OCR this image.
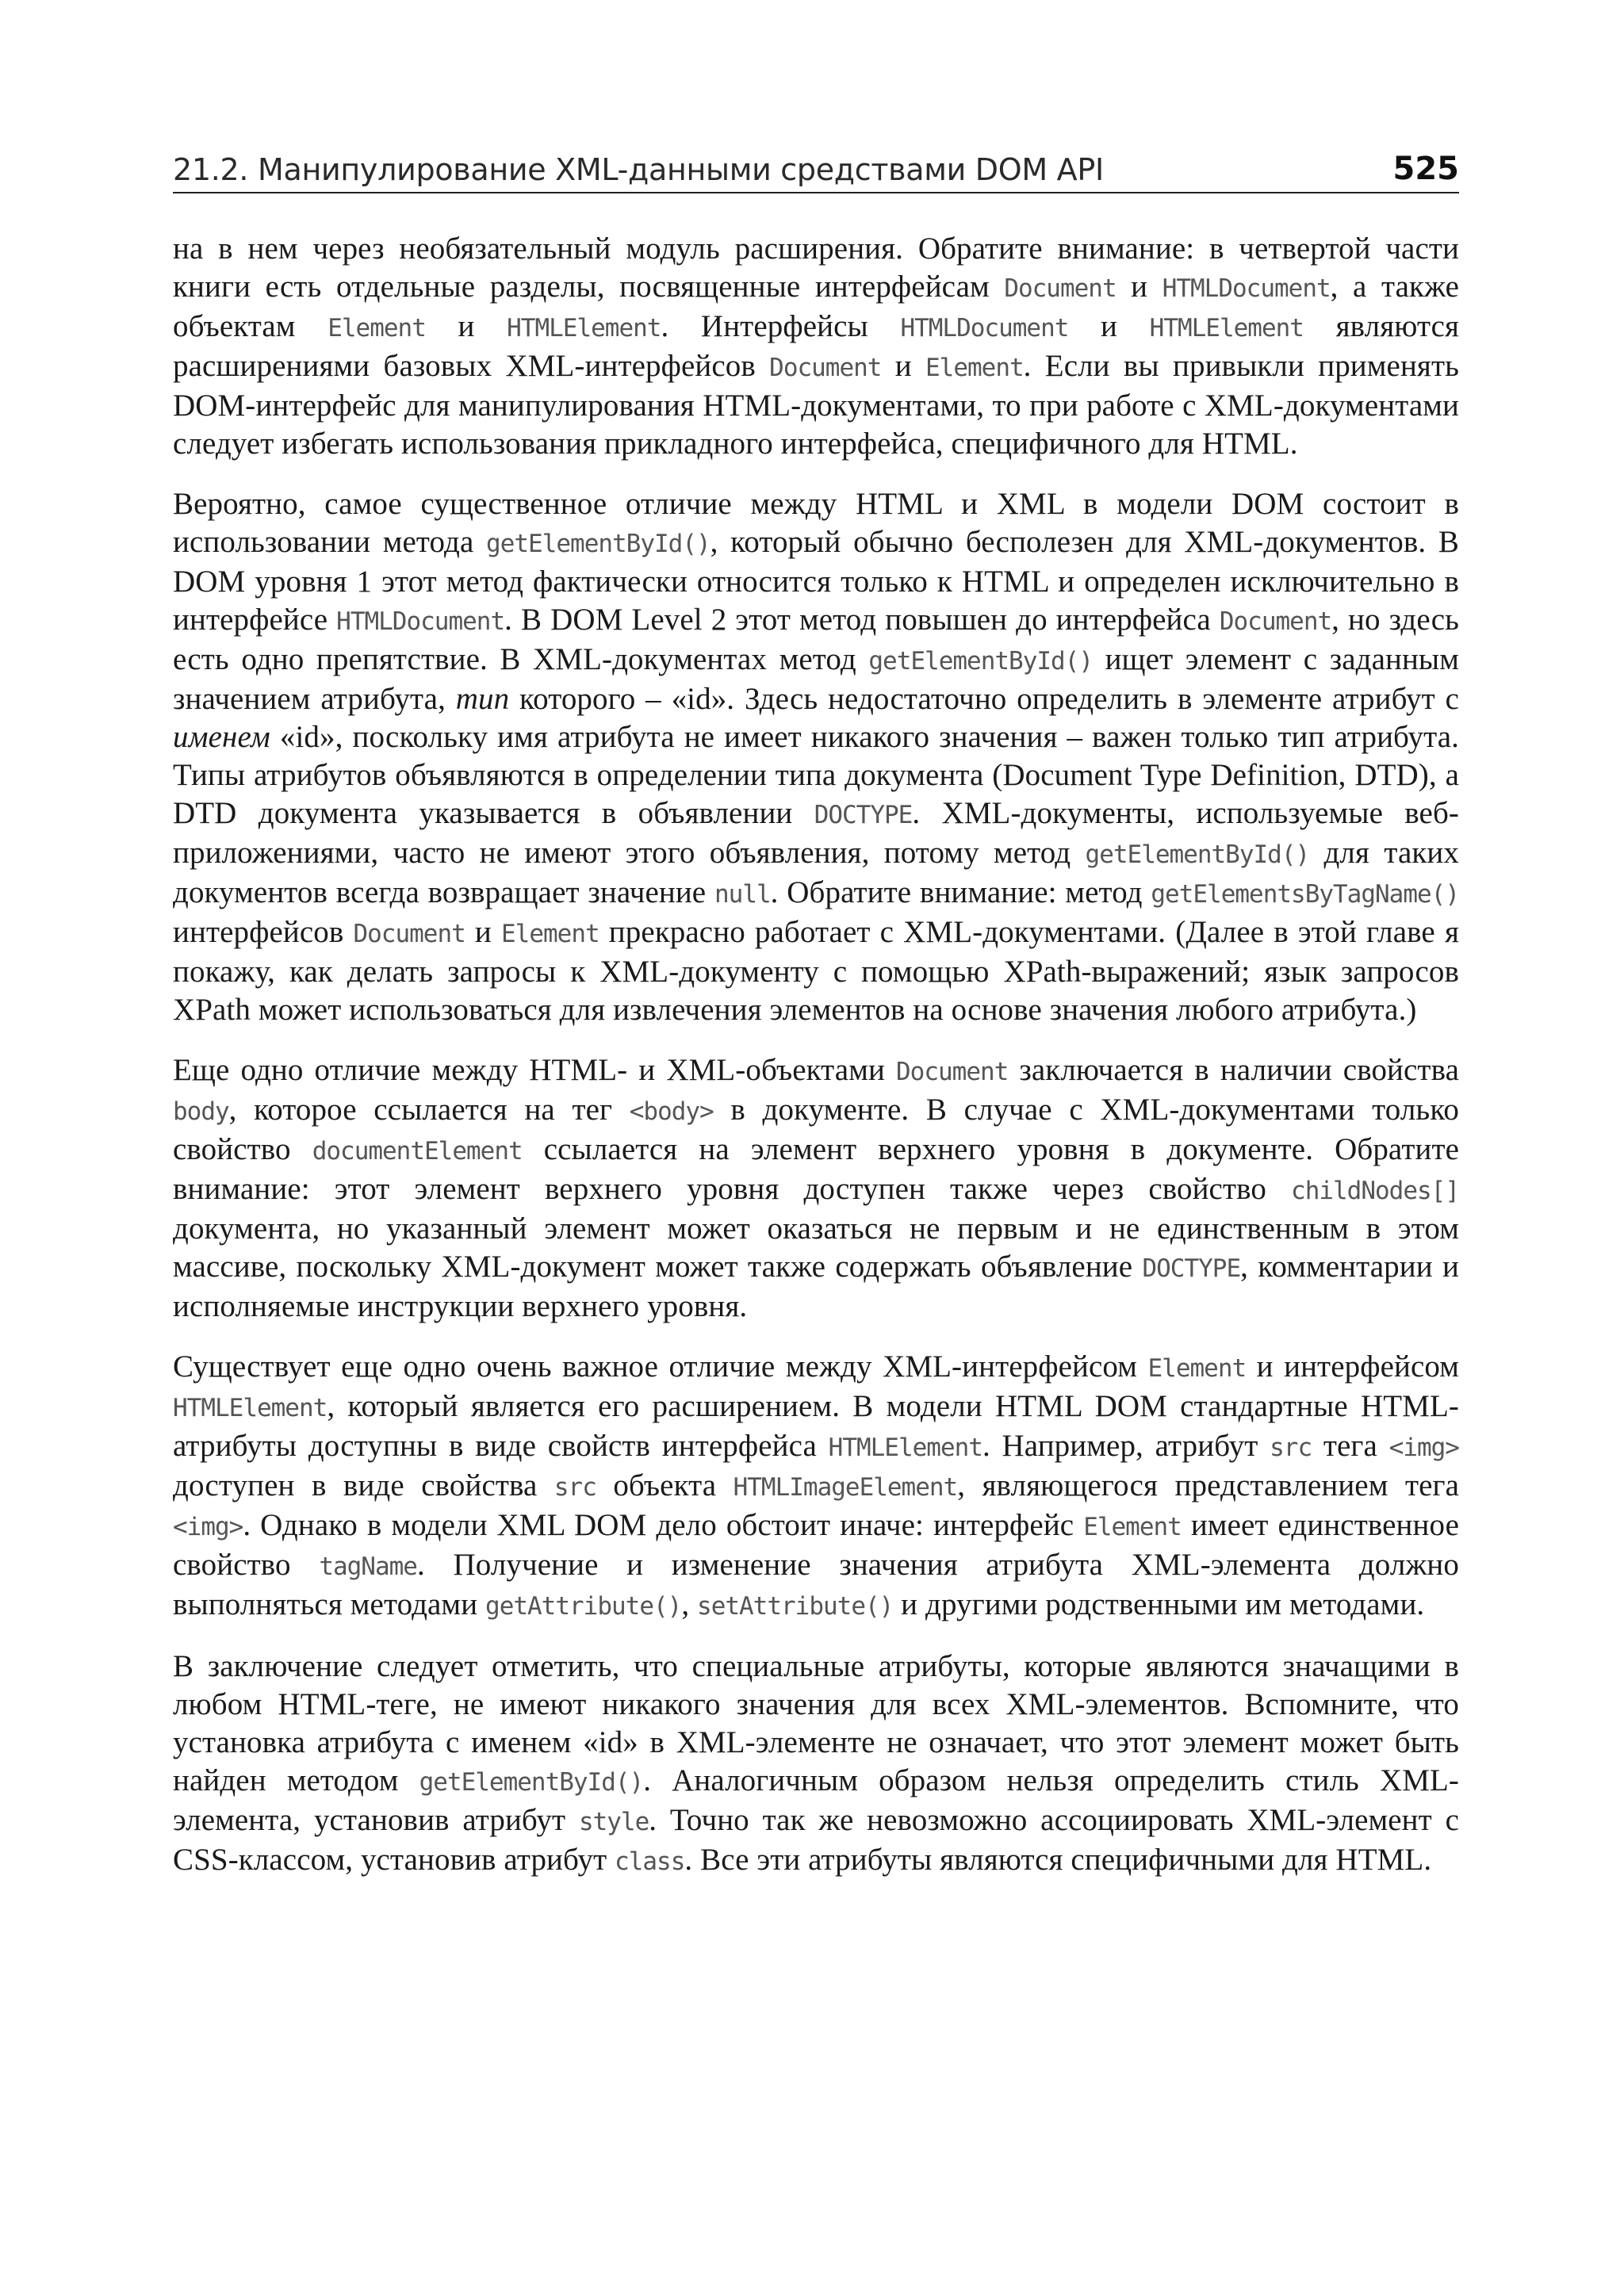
21.2. Манипулирование XML-данными средствами DOM API	525

на в нем через необязательный модуль расширения. Обратите внимание: в четвертой части книги есть отдельные разделы, посвященные интерфейсам Document и HTMLDocument, а также объектам Element и HTMLElement. Интерфейсы HTMLDocument и HTMLElement являются расширениями базовых XML-интерфейсов Document и Element. Если вы привыкли применять DOM-интерфейс для манипулирования HTML-документами, то при работе с XML-документами следует избегать использования прикладного интерфейса, специфичного для HTML.

Вероятно, самое существенное отличие между HTML и XML в модели DOM состоит в использовании метода getElementById(), который обычно бесполезен для XML-документов. В DOM уровня 1 этот метод фактически относится только к HTML и определен исключительно в интерфейсе HTMLDocument. В DOM Level 2 этот метод повышен до интерфейса Document, но здесь есть одно препятствие. В XML-документах метод getElementById() ищет элемент с заданным значением атрибута, тип которого – «id». Здесь недостаточно определить в элементе атрибут с именем «id», поскольку имя атрибута не имеет никакого значения – важен только тип атрибута. Типы атрибутов объявляются в определении типа документа (Document Type Definition, DTD), а DTD документа указывается в объявлении DOCTYPE. XML-документы, используемые веб-приложениями, часто не имеют этого объявления, потому метод getElementById() для таких документов всегда возвращает значение null. Обратите внимание: метод getElementsByTagName() интерфейсов Document и Element прекрасно работает с XML-документами. (Далее в этой главе я покажу, как делать запросы к XML-документу с помощью XPath-выражений; язык запросов XPath может использоваться для извлечения элементов на основе значения любого атрибута.)

Еще одно отличие между HTML- и XML-объектами Document заключается в наличии свойства body, которое ссылается на тег <body> в документе. В случае с XML-документами только свойство documentElement ссылается на элемент верхнего уровня в документе. Обратите внимание: этот элемент верхнего уровня доступен также через свойство childNodes[] документа, но указанный элемент может оказаться не первым и не единственным в этом массиве, поскольку XML-документ может также содержать объявление DOCTYPE, комментарии и исполняемые инструкции верхнего уровня.

Существует еще одно очень важное отличие между XML-интерфейсом Element и интерфейсом HTMLElement, который является его расширением. В модели HTML DOM стандартные HTML-атрибуты доступны в виде свойств интерфейса HTMLElement. Например, атрибут src тега <img> доступен в виде свойства src объекта HTMLImageElement, являющегося представлением тега <img>. Однако в модели XML DOM дело обстоит иначе: интерфейс Element имеет единственное свойство tagName. Получение и изменение значения атрибута XML-элемента должно выполняться методами getAttribute(), setAttribute() и другими родственными им методами.

В заключение следует отметить, что специальные атрибуты, которые являются значащими в любом HTML-теге, не имеют никакого значения для всех XML-элементов. Вспомните, что установка атрибута с именем «id» в XML-элементе не означает, что этот элемент может быть найден методом getElementById(). Аналогичным образом нельзя определить стиль XML-элемента, установив атрибут style. Точно так же невозможно ассоциировать XML-элемент с CSS-классом, установив атрибут class. Все эти атрибуты являются специфичными для HTML.
